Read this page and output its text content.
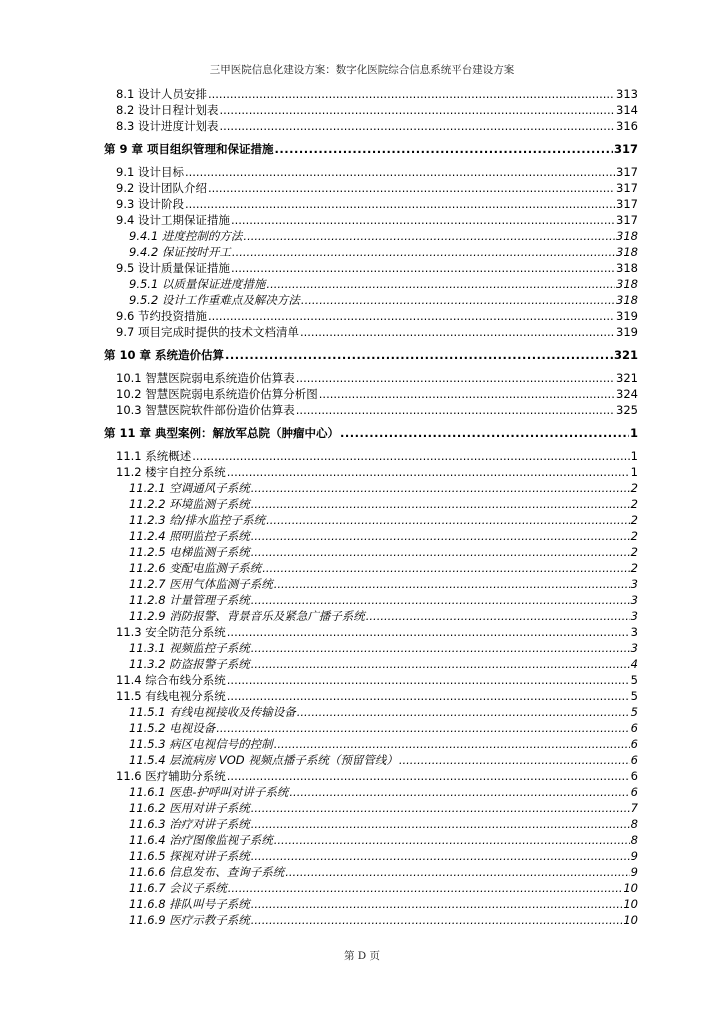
三甲医院信息化建设方案：数字化医院综合信息系统平台建设方案
8.1 设计人员安排 .....	313
8.2 设计日程计划表 .....	314
8.3 设计进度计划表 .....	316
第 9 章 项目组织管理和保证措施 .....	317
9.1 设计目标 .....	317
9.2 设计团队介绍 .....	317
9.3 设计阶段 .....	317
9.4 设计工期保证措施 .....	317
9.4.1 进度控制的方法 .....	318
9.4.2 保证按时开工 .....	318
9.5 设计质量保证措施 .....	318
9.5.1 以质量保证进度措施 .....	318
9.5.2 设计工作重难点及解决方法 .....	318
9.6 节约投资措施 .....	319
9.7 项目完成时提供的技术文档清单 .....	319
第 10 章 系统造价估算 .....	321
10.1 智慧医院弱电系统造价估算表 .....	321
10.2 智慧医院弱电系统造价估算分析图 .....	324
10.3 智慧医院软件部份造价估算表 .....	325
第 11 章 典型案例：解放军总院（肿瘤中心） .....	1
11.1 系统概述 .....	1
11.2 楼宇自控分系统 .....	1
11.2.1 空调通风子系统 .....	2
11.2.2 环境监测子系统 .....	2
11.2.3 给/排水监控子系统 .....	2
11.2.4 照明监控子系统 .....	2
11.2.5 电梯监测子系统 .....	2
11.2.6 变配电监测子系统 .....	2
11.2.7 医用气体监测子系统 .....	3
11.2.8 计量管理子系统 .....	3
11.2.9 消防报警、背景音乐及紧急广播子系统 .....	3
11.3 安全防范分系统 .....	3
11.3.1 视频监控子系统 .....	3
11.3.2 防盗报警子系统 .....	4
11.4 综合布线分系统 .....	5
11.5 有线电视分系统 .....	5
11.5.1 有线电视接收及传输设备 .....	5
11.5.2 电视设备 .....	6
11.5.3 病区电视信号的控制 .....	6
11.5.4 层流病房 VOD 视频点播子系统（预留管线） .....	6
11.6 医疗辅助分系统 .....	6
11.6.1 医患-护呼叫对讲子系统 .....	6
11.6.2 医用对讲子系统 .....	7
11.6.3 治疗对讲子系统 .....	8
11.6.4 治疗图像监视子系统 .....	8
11.6.5 探视对讲子系统 .....	9
11.6.6 信息发布、查询子系统 .....	9
11.6.7 会议子系统 .....	10
11.6.8 排队叫号子系统 .....	10
11.6.9 医疗示教子系统 .....	10
第 D 页
